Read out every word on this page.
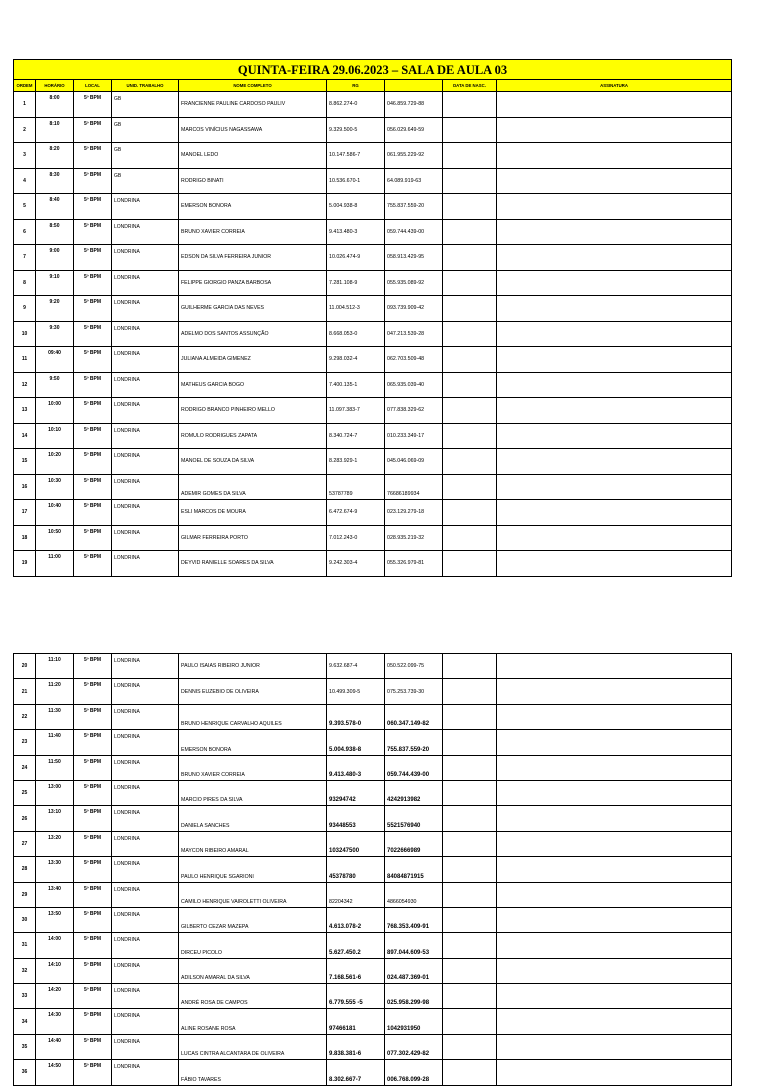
QUINTA-FEIRA 29.06.2023 – SALA DE AULA 03								
ORDEM	HORÁRIO	LOCAL	UNID. TRABALHO	NOME COMPLETO	RG		DATA DE NASC.	ASSINATURA
1	8:00	5º BPM	GB	FRANCIENNE PAULINE CARDOSO PAULIV	8.862.274-0	046.859.729-88		
2	8:10	5º BPM	GB	MARCOS VINÍCIUS NAGASSAWA	9.329.500-5	056.029.649-59		
3	8:20	5º BPM	GB	MANOEL LEDO	10.147.586-7	061.955.229-92		
4	8:30	5º BPM	GB	RODRIGO BINATI	10.536.670-1	64.089.919-63		
5	8:40	5º BPM	LONDRINA	EMERSON BONORA	5.004.938-8	755.837.559-20		
6	8:50	5º BPM	LONDRINA	BRUNO XAVIER CORREIA	9.413.480-3	059.744.439-00		
7	9:00	5º BPM	LONDRINA	EDSON DA SILVA FERREIRA JUNIOR	10.026.474-9	058.913.429-95		
8	9:10	5º BPM	LONDRINA	FELIPPE GIORGIO PANZA BARBOSA	7.281.108-9	055.935.089-92		
9	9:20	5º BPM	LONDRINA	GUILHERME GARCIA DAS NEVES	11.004.512-3	093.739.909-42		
10	9:30	5º BPM	LONDRINA	ADELMO DOS SANTOS ASSUNÇÃO	8.668.053-0	047.213.539-28		
11	09:40	5º BPM	LONDRINA	JULIANA ALMEIDA GIMENEZ	9.298.032-4	062.703.509-48		
12	9:50	5º BPM	LONDRINA	MATHEUS GARCIA BOGO	7.400.135-1	065.935.039-40		
13	10:00	5º BPM	LONDRINA	RODRIGO BRANCO PINHEIRO MELLO	11.097.383-7	077.838.329-62		
14	10:10	5º BPM	LONDRINA	ROMULO RODRIGUES ZAPATA	8.340.724-7	010.233.349-17		
15	10:20	5º BPM	LONDRINA	MANOEL DE SOUZA DA SILVA	8.283.929-1	045.046.069-09		
16	10:30	5º BPM	LONDRINA	ADEMIR GOMES DA SILVA	53787789	76686189934		
17	10:40	5º BPM	LONDRINA	ESLI MARCOS DE MOURA	6.472.674-9	023.129.279-18		
18	10:50	5º BPM	LONDRINA	GILMAR FERREIRA PORTO	7.012.243-0	028.935.219-32		
19	11:00	5º BPM	LONDRINA	DEYVID RANIELLE SOARES DA SILVA	9.242.303-4	055.326.979-81		
20	11:10	5º BPM	LONDRINA	PAULO ISAIAS RIBEIRO JUNIOR	9.632.687-4	050.522.099-75		
21	11:20	5º BPM	LONDRINA	DENNIS EUZEBIO DE OLIVEIRA	10.499.309-5	075.253.739-30		
22	11:30	5º BPM	LONDRINA	BRUNO HENRIQUE CARVALHO AQUILES	9.393.578-0	060.347.149-82		
23	11:40	5º BPM	LONDRINA	EMERSON BONORA	5.004.938-8	755.837.559-20		
24	11:50	5º BPM	LONDRINA	BRUNO XAVIER CORREIA	9.413.480-3	059.744.439-00		
25	13:00	5º BPM	LONDRINA	MARCIO PIRES DA SILVA	93294742	4242913982		
26	13:10	5º BPM	LONDRINA	DANIELA SANCHES	93448553	5521576940		
27	13:20	5º BPM	LONDRINA	MAYCON RIBEIRO AMARAL	103247500	7022666989		
28	13:30	5º BPM	LONDRINA	PAULO HENRIQUE SGARIONI	45378780	84084871915		
29	13:40	5º BPM	LONDRINA	CAMILO HENRIQUE VAIROLETTI OLIVEIRA	82204342	4866054930		
30	13:50	5º BPM	LONDRINA	GILBERTO CEZAR MAZEPA	4.613.078-2	768.353.409-91		
31	14:00	5º BPM	LONDRINA	DIRCEU PICOLO	5.627.450.2	897.044.609-53		
32	14:10	5º BPM	LONDRINA	ADILSON AMARAL DA SILVA	7.168.561-6	024.487.369-01		
33	14:20	5º BPM	LONDRINA	ANDRÉ ROSA DE CAMPOS	6.779.555 -5	025.958.299-98		
34	14:30	5º BPM	LONDRINA	ALINE ROSANE ROSA	97466181	1042931950		
35	14:40	5º BPM	LONDRINA	LUCAS CINTRA ALCANTARA DE OLIVEIRA	9.838.381-6	077.302.429-82		
36	14:50	5º BPM	LONDRINA	FÁBIO TAVARES	8.302.667-7	006.768.099-28		
